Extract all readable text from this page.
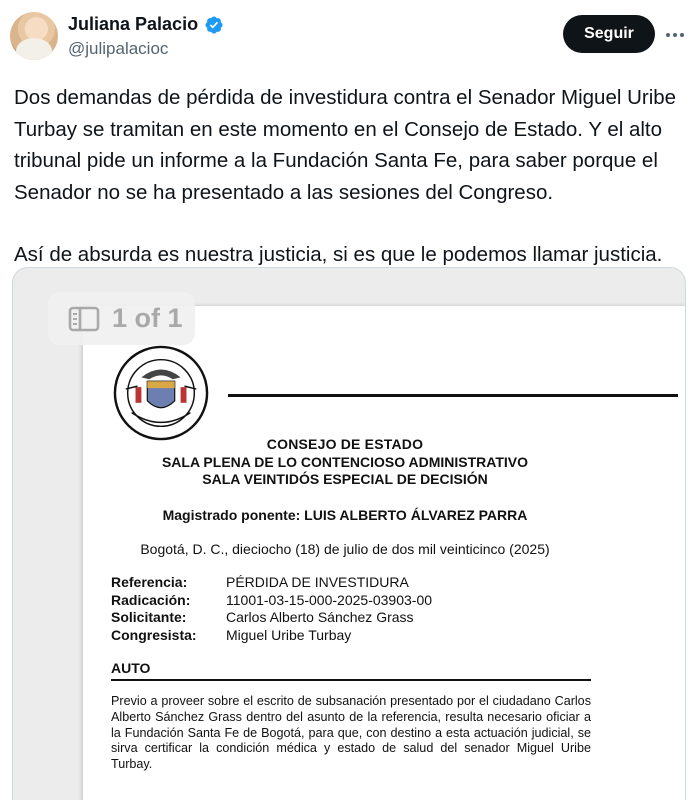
Juliana Palacio
@julipalacioc
Seguir

Dos demandas de pérdida de investidura contra el Senador Miguel Uribe Turbay se tramitan en este momento en el Consejo de Estado. Y el alto tribunal pide un informe a la Fundación Santa Fe, para saber porque el Senador no se ha presentado a las sesiones del Congreso.

Así de absurda es nuestra justicia, si es que le podemos llamar justicia.

1 of 1
CONSEJO DE ESTADO
SALA PLENA DE LO CONTENCIOSO ADMINISTRATIVO
SALA VEINTIDÓS ESPECIAL DE DECISIÓN
Magistrado ponente: LUIS ALBERTO ÁLVAREZ PARRA
Bogotá, D. C., dieciocho (18) de julio de dos mil veinticinco (2025)
Referencia:	PÉRDIDA DE INVESTIDURA
Radicación:	11001-03-15-000-2025-03903-00
Solicitante:	Carlos Alberto Sánchez Grass
Congresista:	Miguel Uribe Turbay
AUTO
Previo a proveer sobre el escrito de subsanación presentado por el ciudadano Carlos Alberto Sánchez Grass dentro del asunto de la referencia, resulta necesario oficiar a la Fundación Santa Fe de Bogotá, para que, con destino a esta actuación judicial, se sirva certificar la condición médica y estado de salud del senador Miguel Uribe Turbay.
